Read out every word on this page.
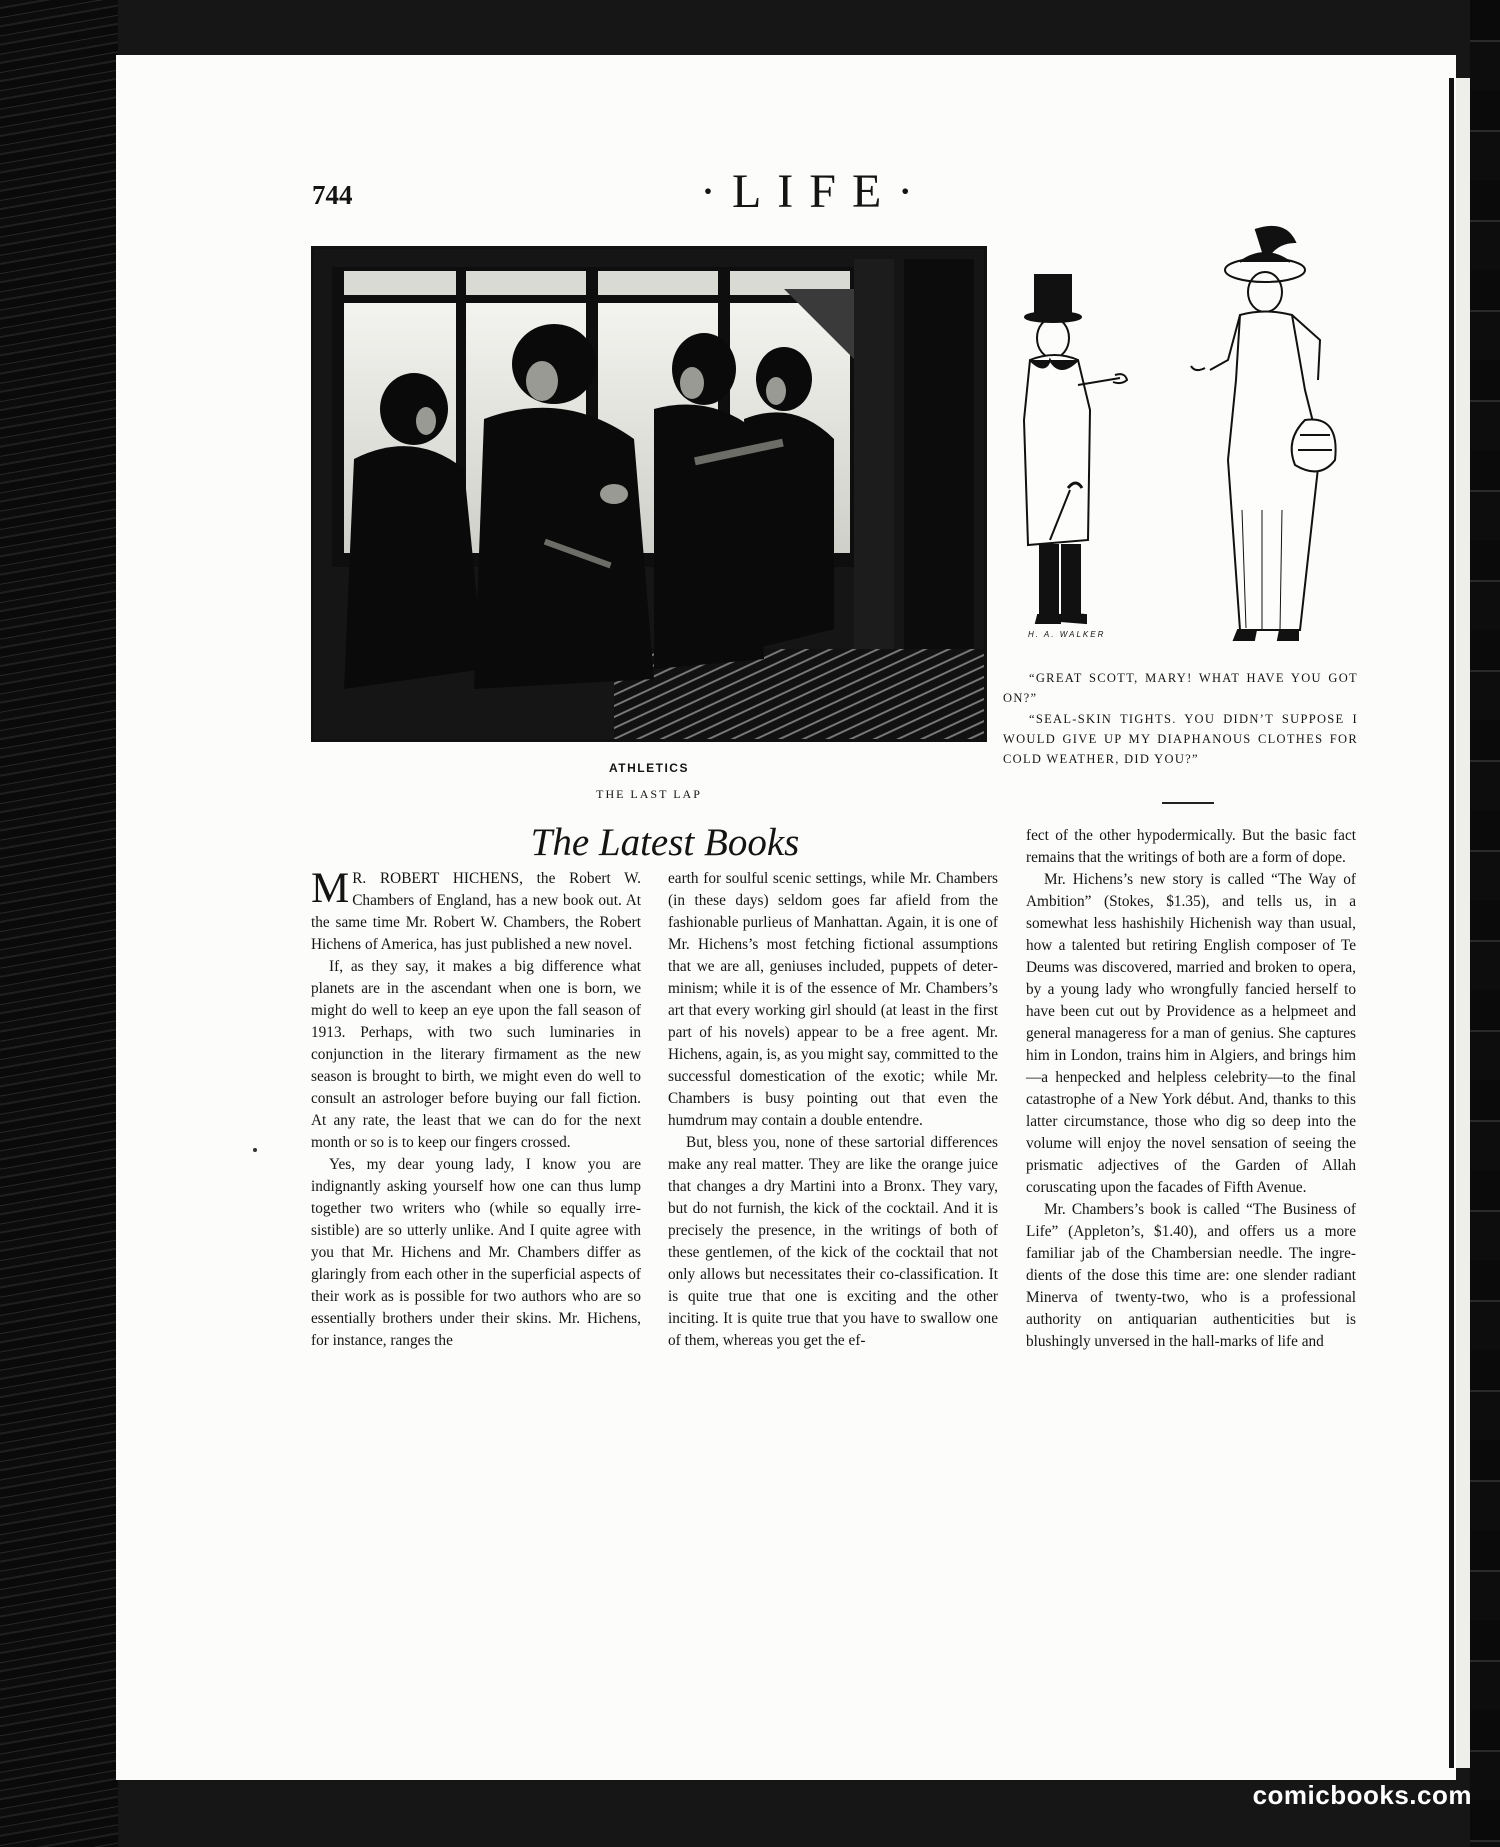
744	·LIFE·
ATHLETICS
THE LAST LAP
H. A. WALKER
“GREAT SCOTT, MARY! WHAT HAVE YOU GOT ON?”
“SEAL-SKIN TIGHTS. YOU DIDN’T SUPPOSE I WOULD GIVE UP MY DIAPHANOUS CLOTHES FOR COLD WEATHER, DID YOU?”
The Latest Books

M R. ROBERT HICHENS, the Robert W. Chambers of England, has a new book out. At the same time Mr. Robert W. Chambers, the Robert Hichens of America, has just published a new novel.

If, as they say, it makes a big difference what planets are in the ascendant when one is born, we might do well to keep an eye upon the fall season of 1913. Perhaps, with two such luminaries in conjunction in the literary firmament as the new season is brought to birth, we might even do well to consult an astrologer before buying our fall fiction. At any rate, the least that we can do for the next month or so is to keep our fingers crossed.

Yes, my dear young lady, I know you are indignantly asking yourself how one can thus lump together two writers who (while so equally irresistible) are so utterly unlike. And I quite agree with you that Mr. Hichens and Mr. Chambers differ as glaringly from each other in the superficial aspects of their work as is possible for two authors who are so essentially brothers under their skins. Mr. Hichens, for instance, ranges the

earth for soulful scenic settings, while Mr. Chambers (in these days) seldom goes far afield from the fashionable purlieus of Manhattan. Again, it is one of Mr. Hichens’s most fetching fictional assumptions that we are all, geniuses included, puppets of determinism; while it is of the essence of Mr. Chambers’s art that every working girl should (at least in the first part of his novels) appear to be a free agent. Mr. Hichens, again, is, as you might say, committed to the successful domestication of the exotic; while Mr. Chambers is busy pointing out that even the humdrum may contain a double entendre.

But, bless you, none of these sartorial differences make any real matter. They are like the orange juice that changes a dry Martini into a Bronx. They vary, but do not furnish, the kick of the cocktail. And it is precisely the presence, in the writings of both of these gentlemen, of the kick of the cocktail that not only allows but necessitates their co-classification. It is quite true that one is exciting and the other inciting. It is quite true that you have to swallow one of them, whereas you get the ef-

fect of the other hypodermically. But the basic fact remains that the writings of both are a form of dope.

Mr. Hichens’s new story is called “The Way of Ambition” (Stokes, $1.35), and tells us, in a somewhat less hashishily Hichenish way than usual, how a talented but retiring English composer of Te Deums was discovered, married and broken to opera, by a young lady who wrongfully fancied herself to have been cut out by Providence as a helpmeet and general manageress for a man of genius. She captures him in London, trains him in Algiers, and brings him—a henpecked and helpless celebrity—to the final catastrophe of a New York début. And, thanks to this latter circumstance, those who dig so deep into the volume will enjoy the novel sensation of seeing the prismatic adjectives of the Garden of Allah coruscating upon the facades of Fifth Avenue.

Mr. Chambers’s book is called “The Business of Life” (Appleton’s, $1.40), and offers us a more familiar jab of the Chambersian needle. The ingredients of the dose this time are: one slender radiant Minerva of twenty-two, who is a professional authority on antiquarian authenticities but is blushingly unversed in the hall-marks of life and

comicbooks.com
